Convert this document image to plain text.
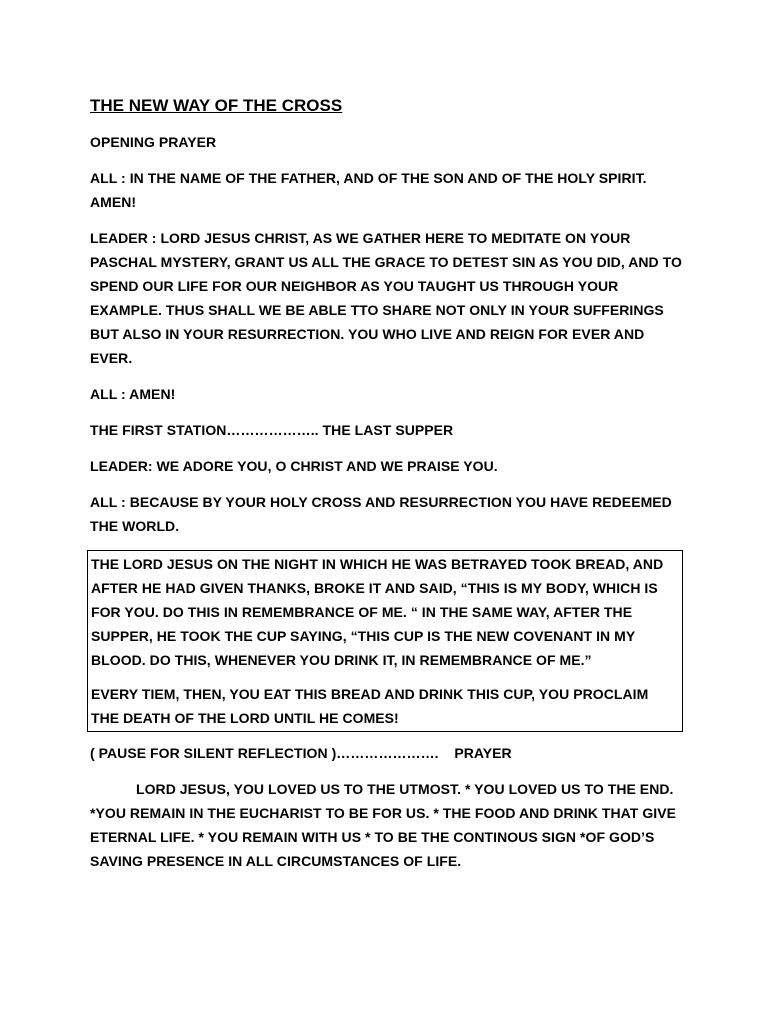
THE NEW WAY OF THE CROSS
OPENING PRAYER
ALL : IN THE NAME OF THE FATHER, AND OF THE SON AND OF THE HOLY SPIRIT. AMEN!
LEADER : LORD JESUS CHRIST, AS WE GATHER HERE TO MEDITATE ON YOUR PASCHAL MYSTERY, GRANT US ALL THE GRACE TO DETEST SIN AS YOU DID, AND TO SPEND OUR LIFE FOR OUR NEIGHBOR AS YOU TAUGHT US THROUGH YOUR EXAMPLE. THUS SHALL WE BE ABLE TTO SHARE NOT ONLY IN YOUR SUFFERINGS BUT ALSO IN YOUR RESURRECTION. YOU WHO LIVE AND REIGN FOR EVER AND EVER.
ALL : AMEN!
THE FIRST STATION……………….. THE LAST SUPPER
LEADER: WE ADORE YOU, O CHRIST AND WE PRAISE YOU.
ALL : BECAUSE BY YOUR HOLY CROSS AND RESURRECTION YOU HAVE REDEEMED THE WORLD.
THE LORD JESUS ON THE NIGHT IN WHICH HE WAS BETRAYED TOOK BREAD, AND AFTER HE HAD GIVEN THANKS, BROKE IT AND SAID, “THIS IS MY BODY, WHICH IS FOR YOU. DO THIS IN REMEMBRANCE OF ME. “ IN THE SAME WAY, AFTER THE SUPPER, HE TOOK THE CUP SAYING, “THIS CUP IS THE NEW COVENANT IN MY BLOOD. DO THIS, WHENEVER YOU DRINK IT, IN REMEMBRANCE OF ME.”
EVERY TIEM, THEN, YOU EAT THIS BREAD AND DRINK THIS CUP, YOU PROCLAIM THE DEATH OF THE LORD UNTIL HE COMES!
( PAUSE FOR SILENT REFLECTION )………………….    PRAYER
LORD JESUS, YOU LOVED US TO THE UTMOST. * YOU LOVED US TO THE END. *YOU REMAIN IN THE EUCHARIST TO BE FOR US. * THE FOOD AND DRINK THAT GIVE ETERNAL LIFE. * YOU REMAIN WITH US * TO BE THE CONTINOUS SIGN *OF GOD’S SAVING PRESENCE IN ALL CIRCUMSTANCES OF LIFE.
